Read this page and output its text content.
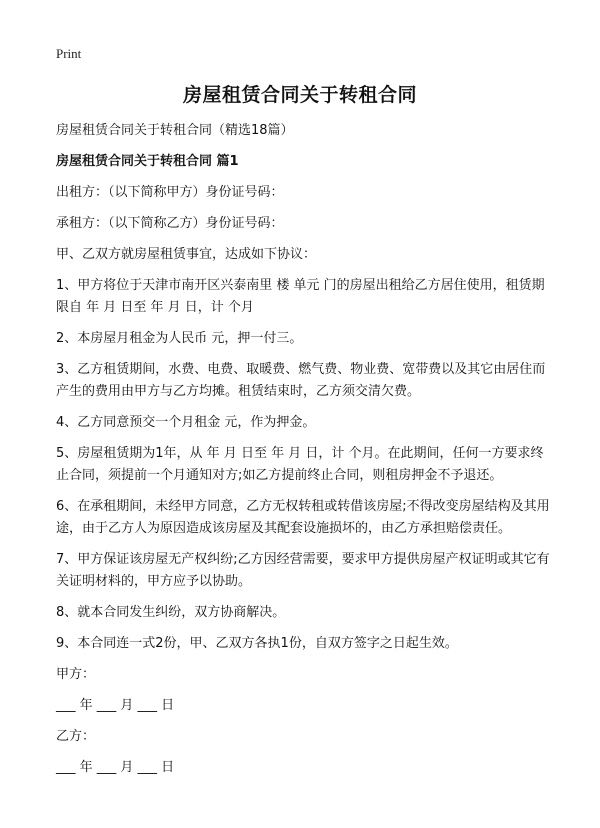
Print
房屋租赁合同关于转租合同

房屋租赁合同关于转租合同（精选18篇）

房屋租赁合同关于转租合同 篇1

出租方：（以下简称甲方）身份证号码：

承租方：（以下简称乙方）身份证号码：

甲、乙双方就房屋租赁事宜，达成如下协议：

1、甲方将位于天津市南开区兴泰南里 楼 单元 门的房屋出租给乙方居住使用，租赁期限自 年 月 日至 年 月 日，计 个月

2、本房屋月租金为人民币 元，押一付三。

3、乙方租赁期间，水费、电费、取暖费、燃气费、物业费、宽带费以及其它由居住而产生的费用由甲方与乙方均摊。租赁结束时，乙方须交清欠费。

4、乙方同意预交一个月租金 元，作为押金。

5、房屋租赁期为1年，从 年 月 日至 年 月 日，计 个月。在此期间，任何一方要求终止合同，须提前一个月通知对方;如乙方提前终止合同，则租房押金不予退还。

6、在承租期间，未经甲方同意，乙方无权转租或转借该房屋;不得改变房屋结构及其用途，由于乙方人为原因造成该房屋及其配套设施损坏的，由乙方承担赔偿责任。

7、甲方保证该房屋无产权纠纷;乙方因经营需要，要求甲方提供房屋产权证明或其它有关证明材料的，甲方应予以协助。

8、就本合同发生纠纷，双方协商解决。

9、本合同连一式2份，甲、乙双方各执1份，自双方签字之日起生效。

甲方：

___ 年 ___ 月 ___ 日

乙方：

___ 年 ___ 月 ___ 日
